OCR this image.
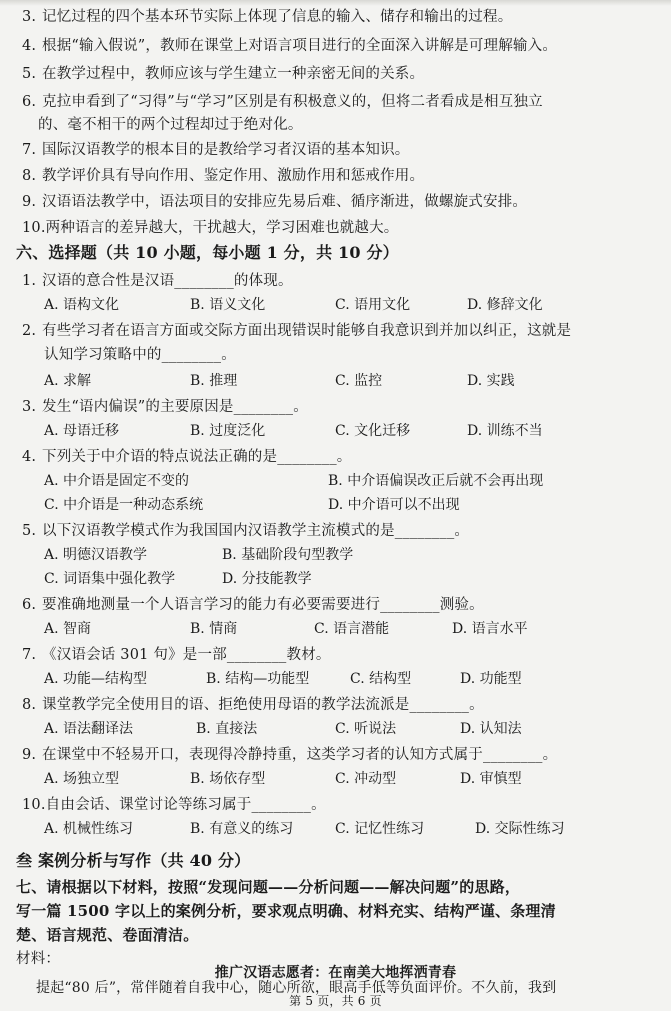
3. 记忆过程的四个基本环节实际上体现了信息的输入、储存和输出的过程。
4. 根据“输入假说”，教师在课堂上对语言项目进行的全面深入讲解是可理解输入。
5. 在教学过程中，教师应该与学生建立一种亲密无间的关系。
6. 克拉申看到了“习得”与“学习”区别是有积极意义的，但将二者看成是相互独立
的、毫不相干的两个过程却过于绝对化。
7. 国际汉语教学的根本目的是教给学习者汉语的基本知识。
8. 教学评价具有导向作用、鉴定作用、激励作用和惩戒作用。
9. 汉语语法教学中，语法项目的安排应先易后难、循序渐进，做螺旋式安排。
10.两种语言的差异越大，干扰越大，学习困难也就越大。
六、选择题（共 10 小题，每小题 1 分，共 10 分）
1. 汉语的意合性是汉语________的体现。
A. 语构文化	B. 语义文化	C. 语用文化	D. 修辞文化
2. 有些学习者在语言方面或交际方面出现错误时能够自我意识到并加以纠正，这就是
认知学习策略中的________。
A. 求解	B. 推理	C. 监控	D. 实践
3. 发生“语内偏误”的主要原因是________。
A. 母语迁移	B. 过度泛化	C. 文化迁移	D. 训练不当
4. 下列关于中介语的特点说法正确的是________。
A. 中介语是固定不变的	B. 中介语偏误改正后就不会再出现
C. 中介语是一种动态系统	D. 中介语可以不出现
5. 以下汉语教学模式作为我国国内汉语教学主流模式的是________。
A. 明德汉语教学	B. 基础阶段句型教学
C. 词语集中强化教学	D. 分技能教学
6. 要准确地测量一个人语言学习的能力有必要需要进行________测验。
A. 智商	B. 情商	C. 语言潜能	D. 语言水平
7. 《汉语会话 301 句》是一部________教材。
A. 功能—结构型	B. 结构—功能型	C. 结构型	D. 功能型
8. 课堂教学完全使用目的语、拒绝使用母语的教学法流派是________。
A. 语法翻译法	B. 直接法	C. 听说法	D. 认知法
9. 在课堂中不轻易开口，表现得冷静持重，这类学习者的认知方式属于________。
A. 场独立型	B. 场依存型	C. 冲动型	D. 审慎型
10.自由会话、课堂讨论等练习属于________。
A. 机械性练习	B. 有意义的练习	C. 记忆性练习	D. 交际性练习
叁 案例分析与写作（共 40 分）
七、请根据以下材料，按照“发现问题——分析问题——解决问题”的思路，
写一篇 1500 字以上的案例分析，要求观点明确、材料充实、结构严谨、条理清
楚、语言规范、卷面清洁。
材料：
推广汉语志愿者：在南美大地挥洒青春
提起“80 后”，常伴随着自我中心，随心所欲，眼高手低等负面评价。不久前，我到
第 5 页，共 6 页
